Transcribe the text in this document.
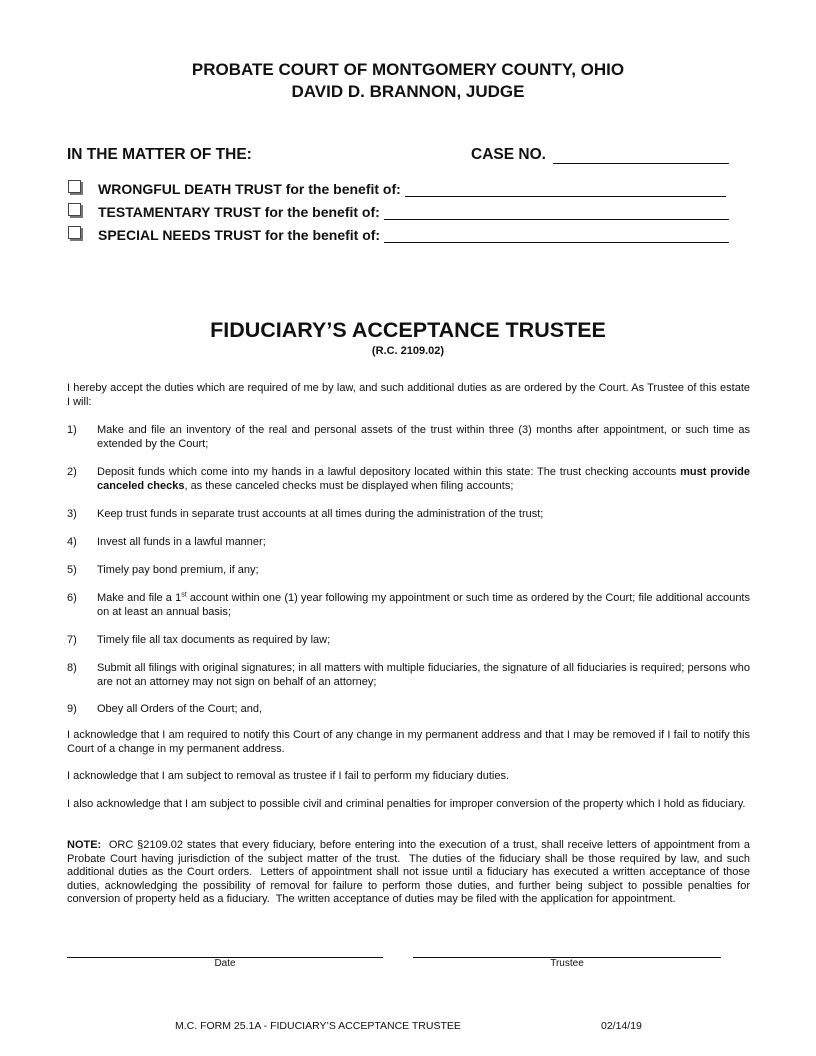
PROBATE COURT OF MONTGOMERY COUNTY, OHIO
DAVID D. BRANNON, JUDGE
IN THE MATTER OF THE:	CASE NO.
WRONGFUL DEATH TRUST for the benefit of:
TESTAMENTARY TRUST for the benefit of:
SPECIAL NEEDS TRUST for the benefit of:
FIDUCIARY’S ACCEPTANCE TRUSTEE
(R.C. 2109.02)
I hereby accept the duties which are required of me by law, and such additional duties as are ordered by the Court. As Trustee of this estate I will:
1)	Make and file an inventory of the real and personal assets of the trust within three (3) months after appointment, or such time as extended by the Court;
2)	Deposit funds which come into my hands in a lawful depository located within this state: The trust checking accounts must provide canceled checks, as these canceled checks must be displayed when filing accounts;
3)	Keep trust funds in separate trust accounts at all times during the administration of the trust;
4)	Invest all funds in a lawful manner;
5)	Timely pay bond premium, if any;
6)	Make and file a 1st account within one (1) year following my appointment or such time as ordered by the Court; file additional accounts on at least an annual basis;
7)	Timely file all tax documents as required by law;
8)	Submit all filings with original signatures; in all matters with multiple fiduciaries, the signature of all fiduciaries is required; persons who are not an attorney may not sign on behalf of an attorney;
9)	Obey all Orders of the Court; and,
I acknowledge that I am required to notify this Court of any change in my permanent address and that I may be removed if I fail to notify this Court of a change in my permanent address.
I acknowledge that I am subject to removal as trustee if I fail to perform my fiduciary duties.
I also acknowledge that I am subject to possible civil and criminal penalties for improper conversion of the property which I hold as fiduciary.
NOTE:  ORC §2109.02 states that every fiduciary, before entering into the execution of a trust, shall receive letters of appointment from a Probate Court having jurisdiction of the subject matter of the trust.  The duties of the fiduciary shall be those required by law, and such additional duties as the Court orders.  Letters of appointment shall not issue until a fiduciary has executed a written acceptance of those duties, acknowledging the possibility of removal for failure to perform those duties, and further being subject to possible penalties for conversion of property held as a fiduciary.  The written acceptance of duties may be filed with the application for appointment.
Date	Trustee
M.C. FORM 25.1A - FIDUCIARY’S ACCEPTANCE TRUSTEE	02/14/19
